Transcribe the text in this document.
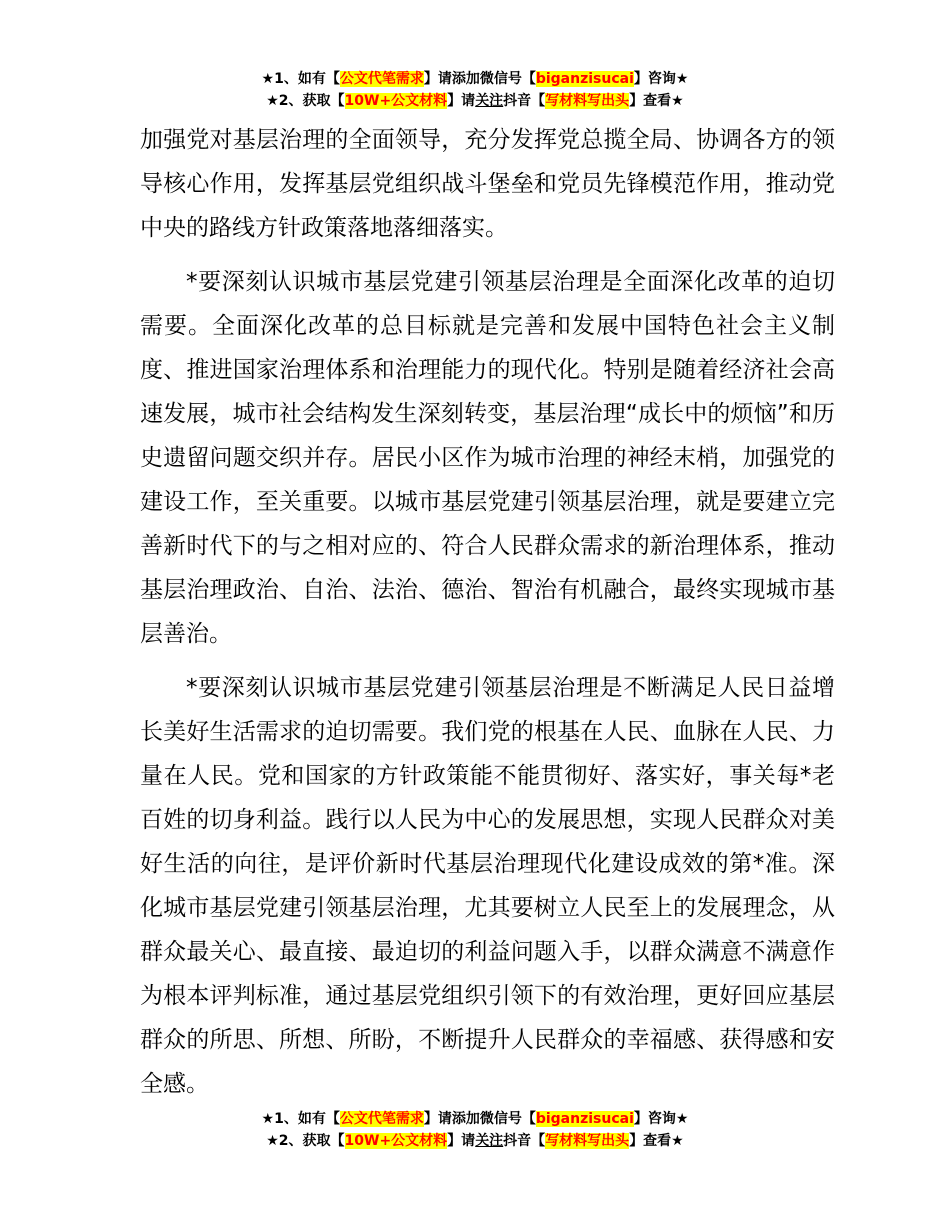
★1、如有【公文代笔需求】请添加微信号【biganzisucai】咨询★
★2、获取【10W+公文材料】请关注抖音【写材料写出头】查看★

加强党对基层治理的全面领导，充分发挥党总揽全局、协调各方的领导核心作用，发挥基层党组织战斗堡垒和党员先锋模范作用，推动党中央的路线方针政策落地落细落实。

*要深刻认识城市基层党建引领基层治理是全面深化改革的迫切需要。全面深化改革的总目标就是完善和发展中国特色社会主义制度、推进国家治理体系和治理能力的现代化。特别是随着经济社会高速发展，城市社会结构发生深刻转变，基层治理“成长中的烦恼”和历史遗留问题交织并存。居民小区作为城市治理的神经末梢，加强党的建设工作，至关重要。以城市基层党建引领基层治理，就是要建立完善新时代下的与之相对应的、符合人民群众需求的新治理体系，推动基层治理政治、自治、法治、德治、智治有机融合，最终实现城市基层善治。

*要深刻认识城市基层党建引领基层治理是不断满足人民日益增长美好生活需求的迫切需要。我们党的根基在人民、血脉在人民、力量在人民。党和国家的方针政策能不能贯彻好、落实好，事关每*老百姓的切身利益。践行以人民为中心的发展思想，实现人民群众对美好生活的向往，是评价新时代基层治理现代化建设成效的第*准。深化城市基层党建引领基层治理，尤其要树立人民至上的发展理念，从群众最关心、最直接、最迫切的利益问题入手，以群众满意不满意作为根本评判标准，通过基层党组织引领下的有效治理，更好回应基层群众的所思、所想、所盼，不断提升人民群众的幸福感、获得感和安全感。

★1、如有【公文代笔需求】请添加微信号【biganzisucai】咨询★
★2、获取【10W+公文材料】请关注抖音【写材料写出头】查看★
